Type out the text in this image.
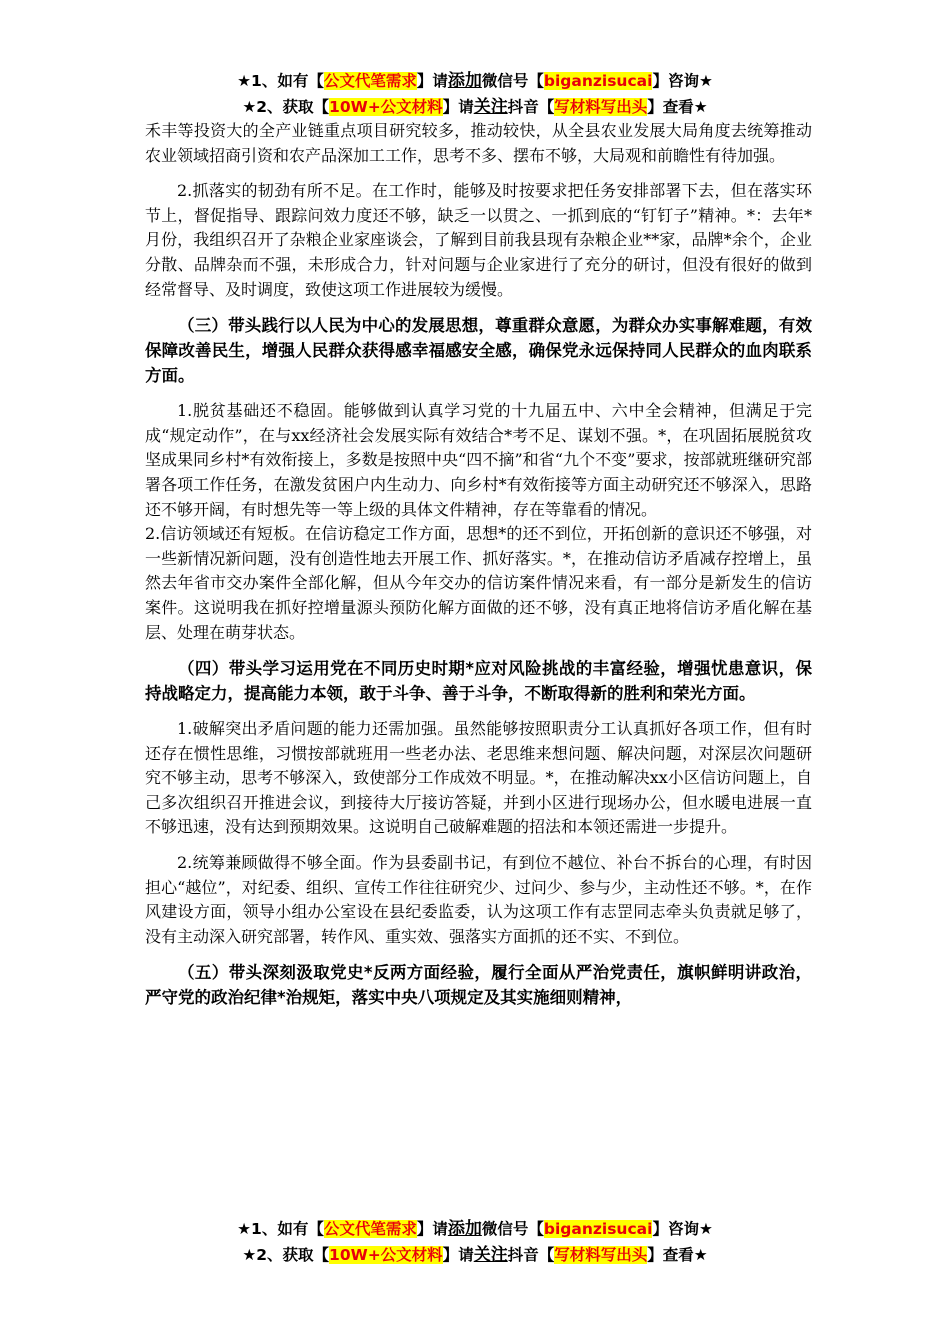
★1、如有【公文代笔需求】请添加微信号【biganzisucai】咨询★
★2、获取【10W+公文材料】请关注抖音【写材料写出头】查看★

禾丰等投资大的全产业链重点项目研究较多，推动较快，从全县农业发展大局角度去统筹推动农业领域招商引资和农产品深加工工作，思考不多、摆布不够，大局观和前瞻性有待加强。

2.抓落实的韧劲有所不足。在工作时，能够及时按要求把任务安排部署下去，但在落实环节上，督促指导、跟踪问效力度还不够，缺乏一以贯之、一抓到底的“钉钉子”精神。*：去年*月份，我组织召开了杂粮企业家座谈会，了解到目前我县现有杂粮企业**家，品牌*余个，企业分散、品牌杂而不强，未形成合力，针对问题与企业家进行了充分的研讨，但没有很好的做到经常督导、及时调度，致使这项工作进展较为缓慢。

（三）带头践行以人民为中心的发展思想，尊重群众意愿，为群众办实事解难题，有效保障改善民生，增强人民群众获得感幸福感安全感，确保党永远保持同人民群众的血肉联系方面。

1.脱贫基础还不稳固。能够做到认真学习党的十九届五中、六中全会精神，但满足于完成“规定动作”，在与xx经济社会发展实际有效结合*考不足、谋划不强。*，在巩固拓展脱贫攻坚成果同乡村*有效衔接上，多数是按照中央“四不摘”和省“九个不变”要求，按部就班继研究部署各项工作任务，在激发贫困户内生动力、向乡村*有效衔接等方面主动研究还不够深入，思路还不够开阔，有时想先等一等上级的具体文件精神，存在等靠看的情况。

2.信访领域还有短板。在信访稳定工作方面，思想*的还不到位，开拓创新的意识还不够强，对一些新情况新问题，没有创造性地去开展工作、抓好落实。*，在推动信访矛盾减存控增上，虽然去年省市交办案件全部化解，但从今年交办的信访案件情况来看，有一部分是新发生的信访案件。这说明我在抓好控增量源头预防化解方面做的还不够，没有真正地将信访矛盾化解在基层、处理在萌芽状态。

（四）带头学习运用党在不同历史时期*应对风险挑战的丰富经验，增强忧患意识，保持战略定力，提高能力本领，敢于斗争、善于斗争，不断取得新的胜利和荣光方面。

1.破解突出矛盾问题的能力还需加强。虽然能够按照职责分工认真抓好各项工作，但有时还存在惯性思维，习惯按部就班用一些老办法、老思维来想问题、解决问题，对深层次问题研究不够主动，思考不够深入，致使部分工作成效不明显。*，在推动解决xx小区信访问题上，自己多次组织召开推进会议，到接待大厅接访答疑，并到小区进行现场办公，但水暖电进展一直不够迅速，没有达到预期效果。这说明自己破解难题的招法和本领还需进一步提升。

2.统筹兼顾做得不够全面。作为县委副书记，有到位不越位、补台不拆台的心理，有时因担心“越位”，对纪委、组织、宣传工作往往研究少、过问少、参与少，主动性还不够。*，在作风建设方面，领导小组办公室设在县纪委监委，认为这项工作有志罡同志牵头负责就足够了，没有主动深入研究部署，转作风、重实效、强落实方面抓的还不实、不到位。

（五）带头深刻汲取党史*反两方面经验，履行全面从严治党责任，旗帜鲜明讲政治，严守党的政治纪律*治规矩，落实中央八项规定及其实施细则精神，

★1、如有【公文代笔需求】请添加微信号【biganzisucai】咨询★
★2、获取【10W+公文材料】请关注抖音【写材料写出头】查看★
